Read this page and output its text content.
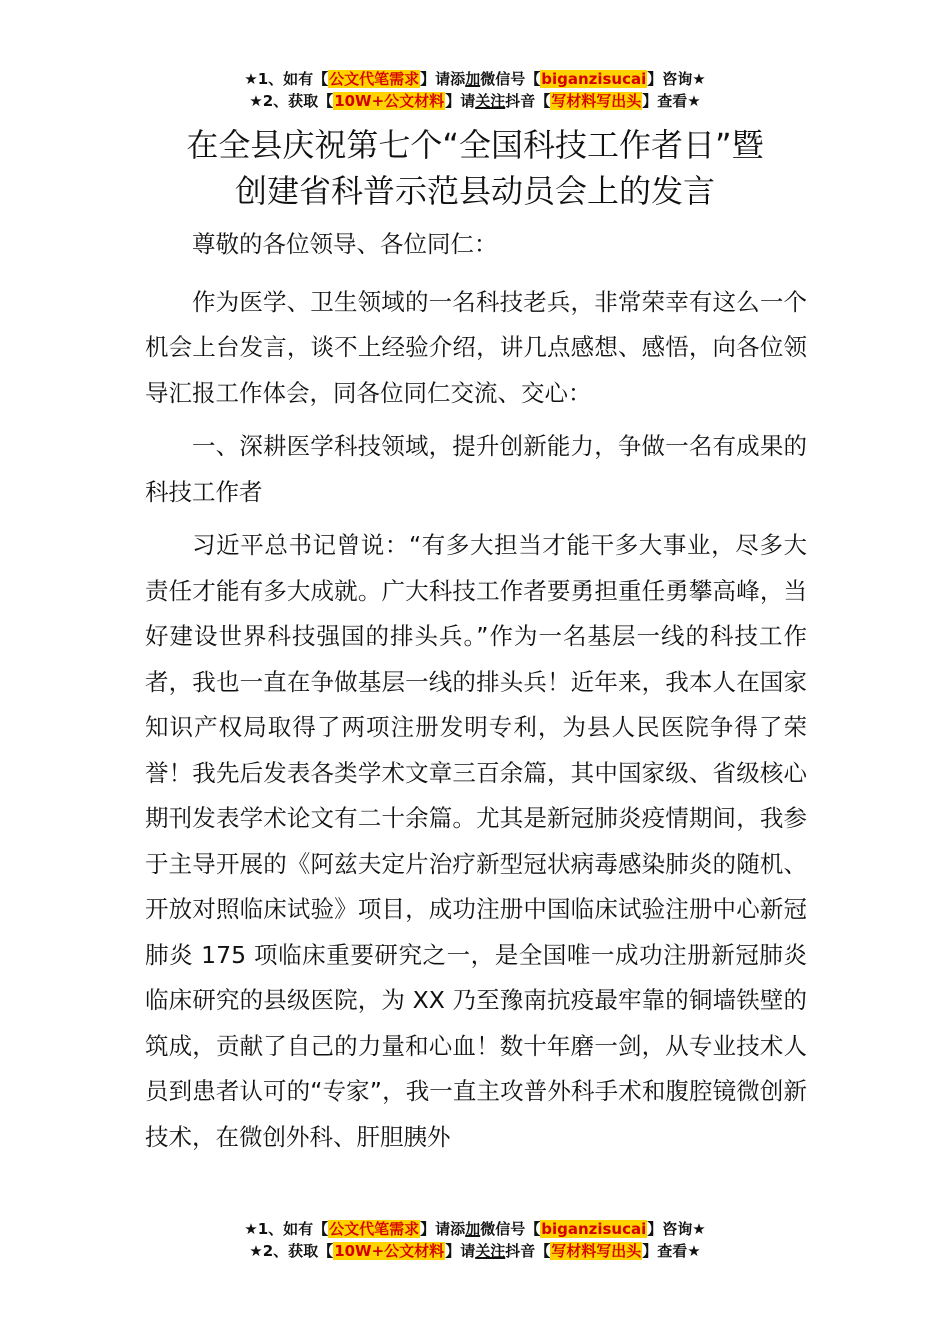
★1、如有【公文代笔需求】请添加微信号【biganzisucai】咨询★
★2、获取【10W+公文材料】请关注抖音【写材料写出头】查看★
在全县庆祝第七个“全国科技工作者日”暨
创建省科普示范县动员会上的发言

尊敬的各位领导、各位同仁：

作为医学、卫生领域的一名科技老兵，非常荣幸有这么一个机会上台发言，谈不上经验介绍，讲几点感想、感悟，向各位领导汇报工作体会，同各位同仁交流、交心：

一、深耕医学科技领域，提升创新能力，争做一名有成果的科技工作者

习近平总书记曾说：“有多大担当才能干多大事业，尽多大责任才能有多大成就。广大科技工作者要勇担重任勇攀高峰，当好建设世界科技强国的排头兵。”作为一名基层一线的科技工作者，我也一直在争做基层一线的排头兵！近年来，我本人在国家知识产权局取得了两项注册发明专利，为县人民医院争得了荣誉！我先后发表各类学术文章三百余篇，其中国家级、省级核心期刊发表学术论文有二十余篇。尤其是新冠肺炎疫情期间，我参于主导开展的《阿兹夫定片治疗新型冠状病毒感染肺炎的随机、开放对照临床试验》项目，成功注册中国临床试验注册中心新冠肺炎 175 项临床重要研究之一，是全国唯一成功注册新冠肺炎临床研究的县级医院，为 XX 乃至豫南抗疫最牢靠的铜墙铁壁的筑成，贡献了自己的力量和心血！数十年磨一剑，从专业技术人员到患者认可的“专家”，我一直主攻普外科手术和腹腔镜微创新技术，在微创外科、肝胆胰外

★1、如有【公文代笔需求】请添加微信号【biganzisucai】咨询★
★2、获取【10W+公文材料】请关注抖音【写材料写出头】查看★
